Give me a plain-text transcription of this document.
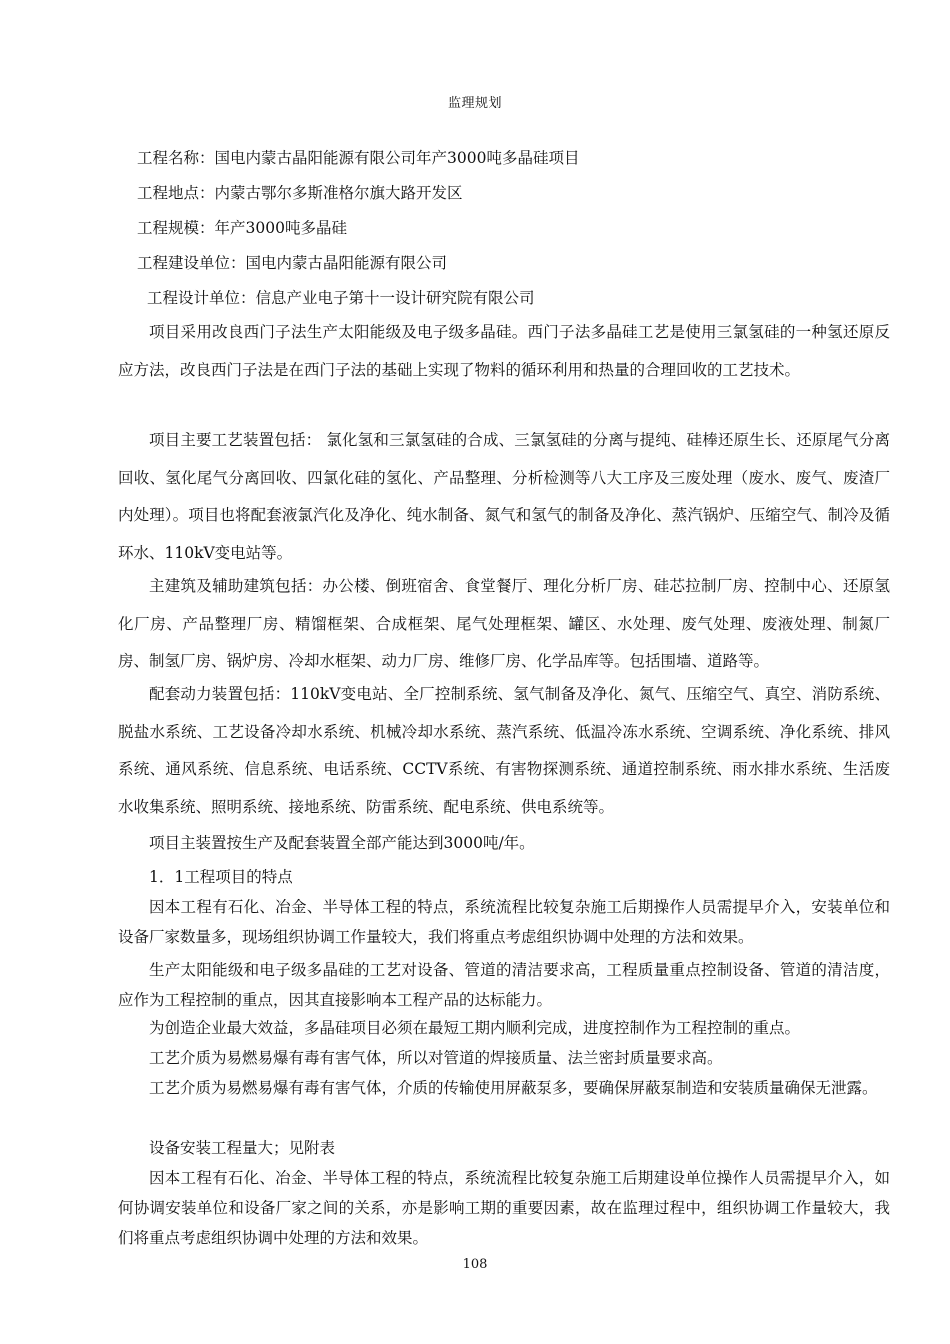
监理规划
工程名称：国电内蒙古晶阳能源有限公司年产3000吨多晶硅项目
工程地点：内蒙古鄂尔多斯准格尔旗大路开发区
工程规模：年产3000吨多晶硅
工程建设单位：国电内蒙古晶阳能源有限公司
工程设计单位：信息产业电子第十一设计研究院有限公司
项目采用改良西门子法生产太阳能级及电子级多晶硅。西门子法多晶硅工艺是使用三氯氢硅的一种氢还原反应方法，改良西门子法是在西门子法的基础上实现了物料的循环利用和热量的合理回收的工艺技术。
项目主要工艺装置包括： 氯化氢和三氯氢硅的合成、三氯氢硅的分离与提纯、硅棒还原生长、还原尾气分离回收、氢化尾气分离回收、四氯化硅的氢化、产品整理、分析检测等八大工序及三废处理（废水、废气、废渣厂内处理）。项目也将配套液氯汽化及净化、纯水制备、氮气和氢气的制备及净化、蒸汽锅炉、压缩空气、制冷及循环水、110kV变电站等。
主建筑及辅助建筑包括：办公楼、倒班宿舍、食堂餐厅、理化分析厂房、硅芯拉制厂房、控制中心、还原氢化厂房、产品整理厂房、精馏框架、合成框架、尾气处理框架、罐区、水处理、废气处理、废液处理、制氮厂房、制氢厂房、锅炉房、冷却水框架、动力厂房、维修厂房、化学品库等。包括围墙、道路等。
配套动力装置包括：110kV变电站、全厂控制系统、氢气制备及净化、氮气、压缩空气、真空、消防系统、脱盐水系统、工艺设备冷却水系统、机械冷却水系统、蒸汽系统、低温冷冻水系统、空调系统、净化系统、排风系统、通风系统、信息系统、电话系统、CCTV系统、有害物探测系统、通道控制系统、雨水排水系统、生活废水收集系统、照明系统、接地系统、防雷系统、配电系统、供电系统等。
项目主装置按生产及配套装置全部产能达到3000吨/年。
1．1工程项目的特点
因本工程有石化、冶金、半导体工程的特点，系统流程比较复杂施工后期操作人员需提早介入，安装单位和设备厂家数量多，现场组织协调工作量较大，我们将重点考虑组织协调中处理的方法和效果。
生产太阳能级和电子级多晶硅的工艺对设备、管道的清洁要求高，工程质量重点控制设备、管道的清洁度，应作为工程控制的重点，因其直接影响本工程产品的达标能力。
为创造企业最大效益，多晶硅项目必须在最短工期内顺利完成，进度控制作为工程控制的重点。
工艺介质为易燃易爆有毒有害气体，所以对管道的焊接质量、法兰密封质量要求高。
工艺介质为易燃易爆有毒有害气体，介质的传输使用屏蔽泵多，要确保屏蔽泵制造和安装质量确保无泄露。
设备安装工程量大；见附表
因本工程有石化、冶金、半导体工程的特点，系统流程比较复杂施工后期建设单位操作人员需提早介入，如何协调安装单位和设备厂家之间的关系，亦是影响工期的重要因素，故在监理过程中，组织协调工作量较大，我们将重点考虑组织协调中处理的方法和效果。
108
